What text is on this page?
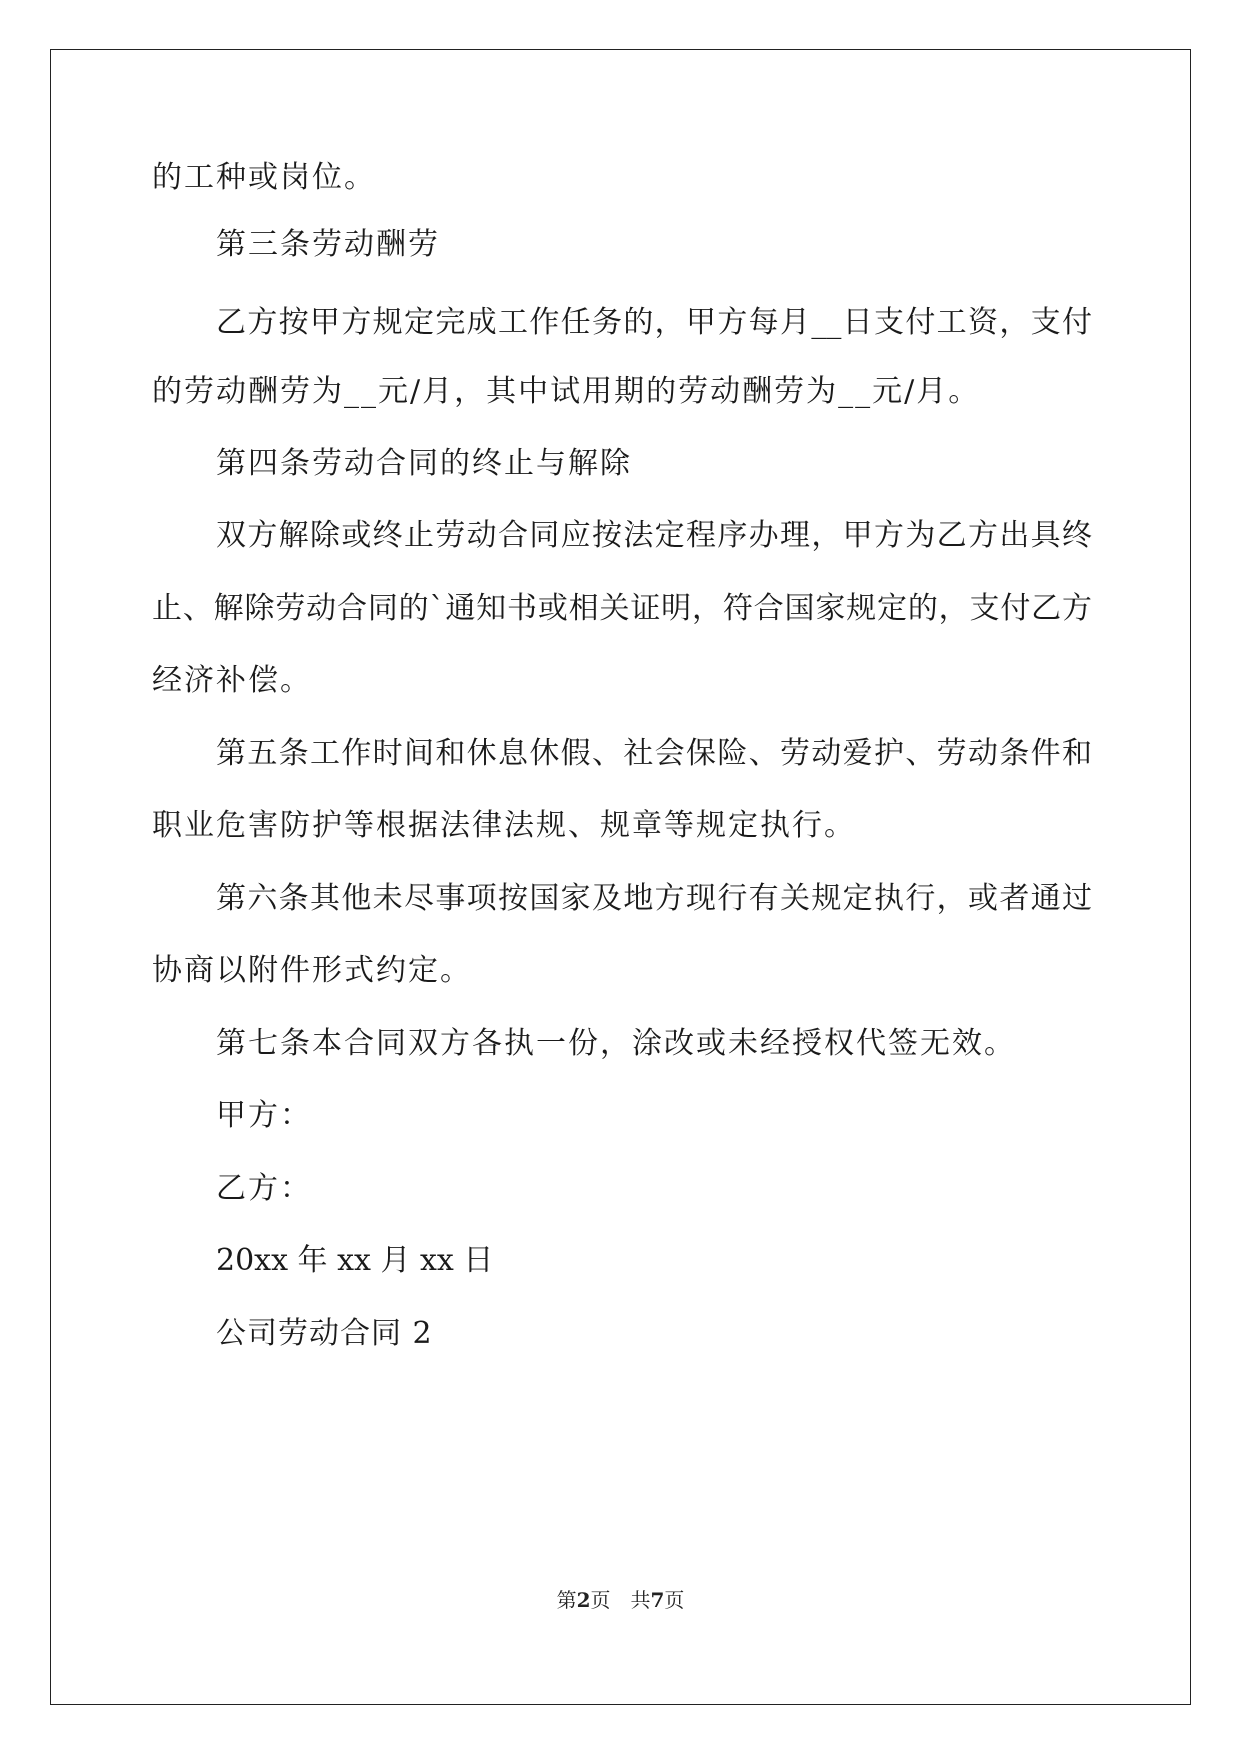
的工种或岗位。
第三条劳动酬劳
乙方按甲方规定完成工作任务的，甲方每月__日支付工资，支付
的劳动酬劳为__元/月，其中试用期的劳动酬劳为__元/月。
第四条劳动合同的终止与解除
双方解除或终止劳动合同应按法定程序办理，甲方为乙方出具终
止、解除劳动合同的`通知书或相关证明，符合国家规定的，支付乙方
经济补偿。
第五条工作时间和休息休假、社会保险、劳动爱护、劳动条件和
职业危害防护等根据法律法规、规章等规定执行。
第六条其他未尽事项按国家及地方现行有关规定执行，或者通过
协商以附件形式约定。
第七条本合同双方各执一份，涂改或未经授权代签无效。
甲方：
乙方：
20xx 年 xx 月 xx 日
公司劳动合同 2
第2页 共7页
